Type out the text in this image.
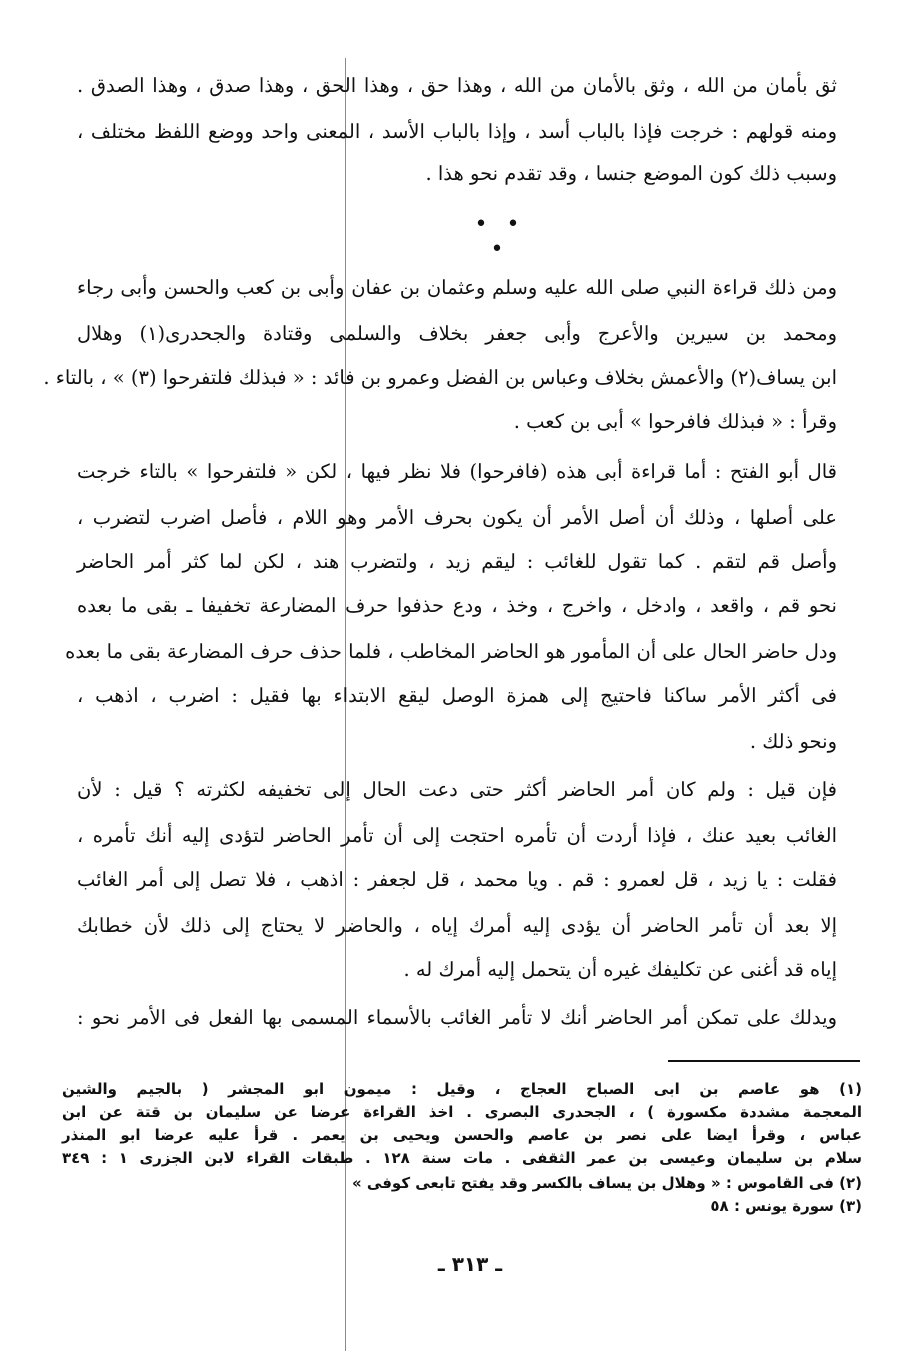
ثق بأمان من الله ، وثق بالأمان من الله ، وهذا حق ، وهذا الحق ، وهذا صدق ، وهذا الصدق .
ومنه قولهم : خرجت فإذا بالباب أسد ، وإذا بالباب الأسد ، المعنى واحد ووضع اللفظ مختلف ،
وسبب ذلك كون الموضع جنسا ، وقد تقدم نحو هذا .
• • •
ومن ذلك قراءة النبي صلى الله عليه وسلم وعثمان بن عفان وأبى بن كعب والحسن وأبى رجاء
ومحمد بن سيرين والأعرج وأبى جعفر بخلاف والسلمى وقتادة والجحدرى(١) وهلال
ابن يساف(٢) والأعمش بخلاف وعباس بن الفضل وعمرو بن فائد : « فبذلك فلتفرحوا (٣) » ، بالتاء .
وقرأ : « فبذلك فافرحوا » أبى بن كعب .
قال أبو الفتح : أما قراءة أبى هذه (فافرحوا) فلا نظر فيها ، لكن « فلتفرحوا » بالتاء خرجت
على أصلها ، وذلك أن أصل الأمر أن يكون بحرف الأمر وهو اللام ، فأصل اضرب لتضرب ،
وأصل قم لتقم . كما تقول للغائب : ليقم زيد ، ولتضرب هند ، لكن لما كثر أمر الحاضر
نحو قم ، واقعد ، وادخل ، واخرج ، وخذ ، ودع حذفوا حرف المضارعة تخفيفا ـ بقى ما بعده
ودل حاضر الحال على أن المأمور هو الحاضر المخاطب ، فلما حذف حرف المضارعة بقى ما بعده
فى أكثر الأمر ساكنا فاحتيج إلى همزة الوصل ليقع الابتداء بها فقيل : اضرب ، اذهب ،
ونحو ذلك .
فإن قيل : ولم كان أمر الحاضر أكثر حتى دعت الحال إلى تخفيفه لكثرته ؟ قيل : لأن
الغائب بعيد عنك ، فإذا أردت أن تأمره احتجت إلى أن تأمر الحاضر لتؤدى إليه أنك تأمره ،
فقلت : يا زيد ، قل لعمرو : قم . ويا محمد ، قل لجعفر : اذهب ، فلا تصل إلى أمر الغائب
إلا بعد أن تأمر الحاضر أن يؤدى إليه أمرك إياه ، والحاضر لا يحتاج إلى ذلك لأن خطابك
إياه قد أغنى عن تكليفك غيره أن يتحمل إليه أمرك له .
ويدلك على تمكن أمر الحاضر أنك لا تأمر الغائب بالأسماء المسمى بها الفعل فى الأمر نحو :
(١) هو عاصم بن ابى الصباح العجاج ، وقيل : ميمون ابو المجشر ( بالجيم والشين
المعجمة مشددة مكسورة ) ، الجحدرى البصرى . اخذ القراءة عرضا عن سليمان بن قتة عن ابن
عباس ، وقرأ ايضا على نصر بن عاصم والحسن ويحيى بن يعمر . قرأ عليه عرضا ابو المنذر
سلام بن سليمان وعيسى بن عمر الثقفى . مات سنة ١٢٨ . طبقات القراء لابن الجزرى ١ : ٣٤٩
(٢) فى القاموس : « وهلال بن يساف بالكسر وقد يفتح تابعى كوفى »
(٣) سورة يونس : ٥٨
ـ ٣١٣ ـ
